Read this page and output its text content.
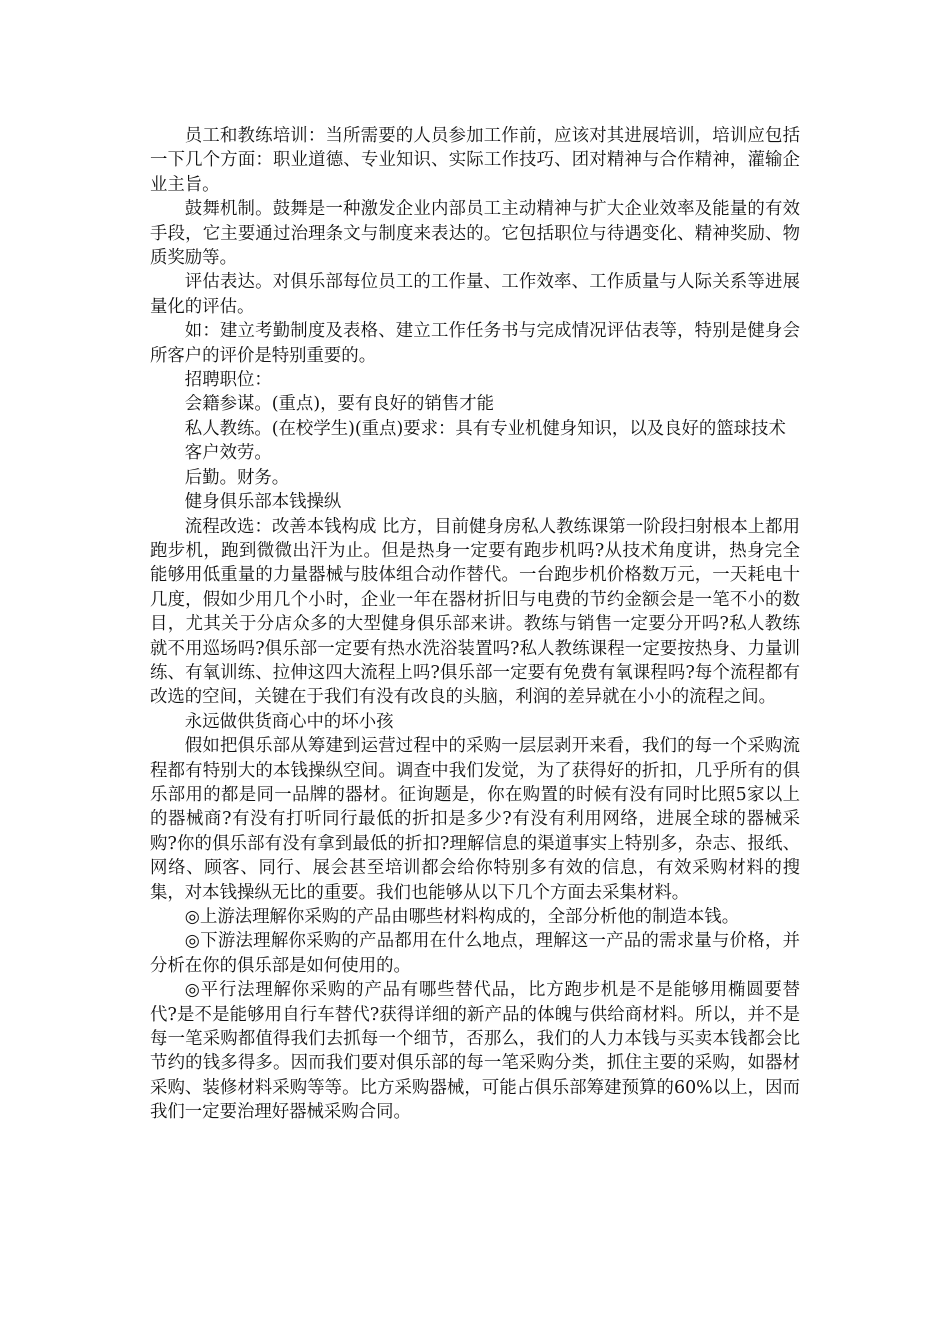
员工和教练培训：当所需要的人员参加工作前，应该对其进展培训，培训应包括一下几个方面：职业道德、专业知识、实际工作技巧、团对精神与合作精神，灌输企业主旨。

鼓舞机制。鼓舞是一种激发企业内部员工主动精神与扩大企业效率及能量的有效手段，它主要通过治理条文与制度来表达的。它包括职位与待遇变化、精神奖励、物质奖励等。

评估表达。对俱乐部每位员工的工作量、工作效率、工作质量与人际关系等进展量化的评估。

如：建立考勤制度及表格、建立工作任务书与完成情况评估表等，特别是健身会所客户的评价是特别重要的。

招聘职位：

会籍参谋。(重点)，要有良好的销售才能

私人教练。(在校学生)(重点)要求：具有专业机健身知识，以及良好的篮球技术

客户效劳。

后勤。财务。

健身俱乐部本钱操纵

流程改选：改善本钱构成 比方，目前健身房私人教练课第一阶段扫射根本上都用跑步机，跑到微微出汗为止。但是热身一定要有跑步机吗?从技术角度讲，热身完全能够用低重量的力量器械与肢体组合动作替代。一台跑步机价格数万元，一天耗电十几度，假如少用几个小时，企业一年在器材折旧与电费的节约金额会是一笔不小的数目，尤其关于分店众多的大型健身俱乐部来讲。教练与销售一定要分开吗?私人教练就不用巡场吗?俱乐部一定要有热水洗浴装置吗?私人教练课程一定要按热身、力量训练、有氧训练、拉伸这四大流程上吗?俱乐部一定要有免费有氧课程吗?每个流程都有改选的空间，关键在于我们有没有改良的头脑，利润的差异就在小小的流程之间。

永远做供货商心中的坏小孩

假如把俱乐部从筹建到运营过程中的采购一层层剥开来看，我们的每一个采购流程都有特别大的本钱操纵空间。调查中我们发觉，为了获得好的折扣，几乎所有的俱乐部用的都是同一品牌的器材。征询题是，你在购置的时候有没有同时比照5家以上的器械商?有没有打听同行最低的折扣是多少?有没有利用网络，进展全球的器械采购?你的俱乐部有没有拿到最低的折扣?理解信息的渠道事实上特别多，杂志、报纸、网络、顾客、同行、展会甚至培训都会给你特别多有效的信息，有效采购材料的搜集，对本钱操纵无比的重要。我们也能够从以下几个方面去采集材料。

◎上游法理解你采购的产品由哪些材料构成的，全部分析他的制造本钱。

◎下游法理解你采购的产品都用在什么地点，理解这一产品的需求量与价格，并分析在你的俱乐部是如何使用的。

◎平行法理解你采购的产品有哪些替代品，比方跑步机是不是能够用椭圆要替代?是不是能够用自行车替代?获得详细的新产品的体魄与供给商材料。所以，并不是每一笔采购都值得我们去抓每一个细节，否那么，我们的人力本钱与买卖本钱都会比节约的钱多得多。因而我们要对俱乐部的每一笔采购分类，抓住主要的采购，如器材采购、装修材料采购等等。比方采购器械，可能占俱乐部筹建预算的60%以上，因而我们一定要治理好器械采购合同。
